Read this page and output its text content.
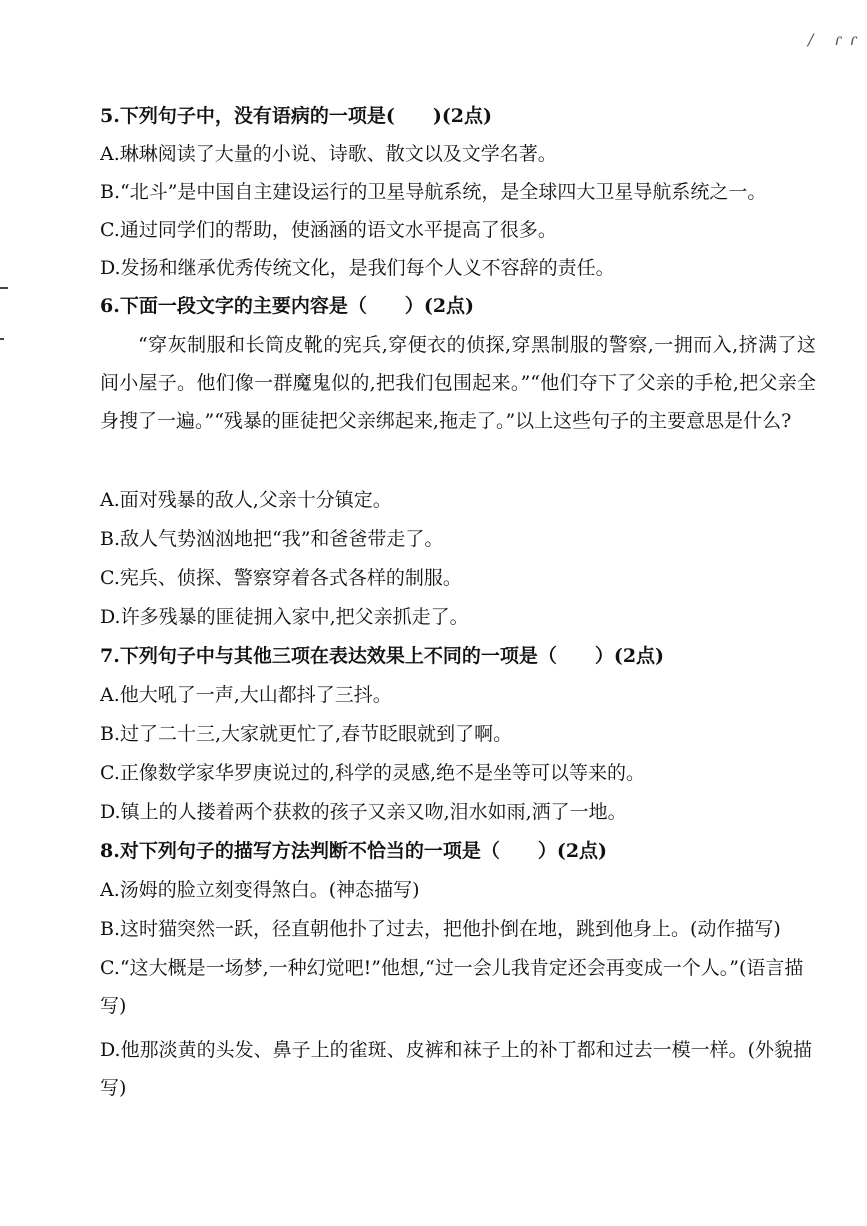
/ ɾɾ
5.下列句子中，没有语病的一项是(　　)(2点)
A.琳琳阅读了大量的小说、诗歌、散文以及文学名著。
B.“北斗”是中国自主建设运行的卫星导航系统，是全球四大卫星导航系统之一。
C.通过同学们的帮助，使涵涵的语文水平提高了很多。
D.发扬和继承优秀传统文化，是我们每个人义不容辞的责任。
6.下面一段文字的主要内容是（　　）(2点)
“穿灰制服和长筒皮靴的宪兵,穿便衣的侦探,穿黑制服的警察,一拥而入,挤满了这间小屋子。他们像一群魔鬼似的,把我们包围起来。”“他们夺下了父亲的手枪,把父亲全身搜了一遍。”“残暴的匪徒把父亲绑起来,拖走了。”以上这些句子的主要意思是什么?
A.面对残暴的敌人,父亲十分镇定。
B.敌人气势汹汹地把“我”和爸爸带走了。
C.宪兵、侦探、警察穿着各式各样的制服。
D.许多残暴的匪徒拥入家中,把父亲抓走了。
7.下列句子中与其他三项在表达效果上不同的一项是（　　）(2点)
A.他大吼了一声,大山都抖了三抖。
B.过了二十三,大家就更忙了,春节眨眼就到了啊。
C.正像数学家华罗庚说过的,科学的灵感,绝不是坐等可以等来的。
D.镇上的人搂着两个获救的孩子又亲又吻,泪水如雨,洒了一地。
8.对下列句子的描写方法判断不恰当的一项是（　　）(2点)
A.汤姆的脸立刻变得煞白。(神态描写)
B.这时猫突然一跃，径直朝他扑了过去，把他扑倒在地，跳到他身上。(动作描写)
C.“这大概是一场梦,一种幻觉吧!”他想,“过一会儿我肯定还会再变成一个人。”(语言描写)
D.他那淡黄的头发、鼻子上的雀斑、皮裤和袜子上的补丁都和过去一模一样。(外貌描写)
